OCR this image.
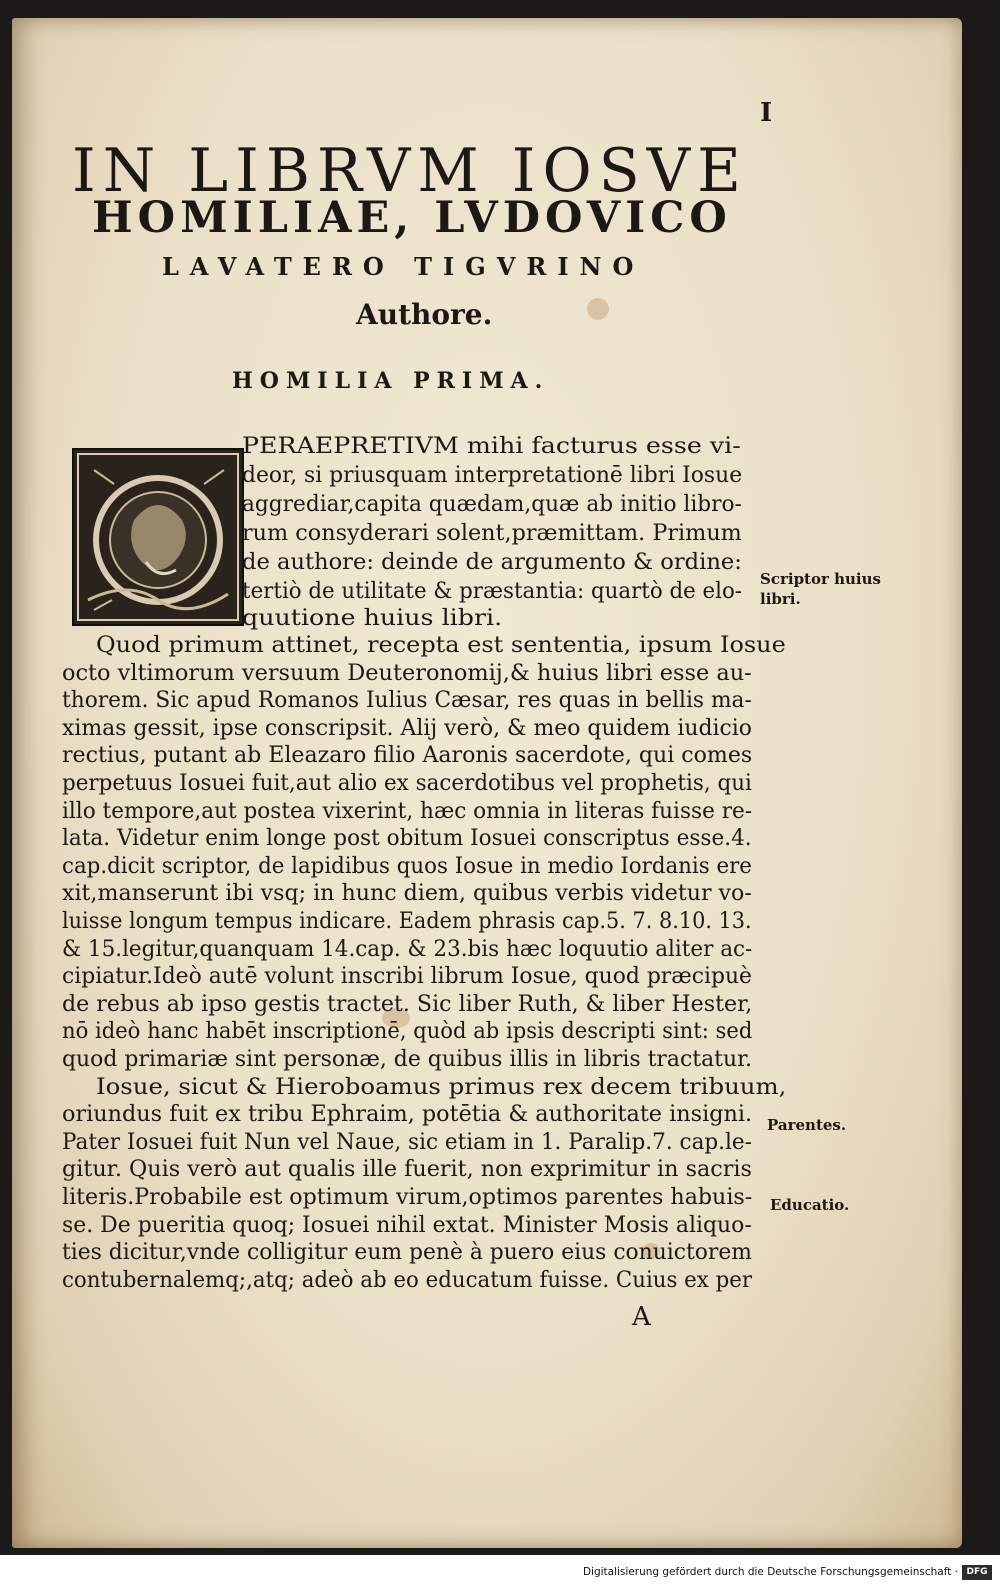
I
IN LIBRVM IOSVE
HOMILIAE, LVDOVICO
LAVATERO TIGVRINO
Authore.
HOMILIA PRIMA.
PERAEPRETIVM mihi facturus esse vi-
deor, si priusquam interpretationē libri Iosue
aggrediar,capita quædam,quæ ab initio libro-
rum consyderari solent,præmittam. Primum
de authore: deinde de argumento & ordine:
tertiò de utilitate & præstantia: quartò de elo-
quutione huius libri.
Quod primum attinet, recepta est sententia, ipsum Iosue
octo vltimorum versuum Deuteronomij,& huius libri esse au-
thorem. Sic apud Romanos Iulius Cæsar, res quas in bellis ma-
ximas gessit, ipse conscripsit. Alij verò, & meo quidem iudicio
rectius, putant ab Eleazaro filio Aaronis sacerdote, qui comes
perpetuus Iosuei fuit,aut alio ex sacerdotibus vel prophetis, qui
illo tempore,aut postea vixerint, hæc omnia in literas fuisse re-
lata. Videtur enim longe post obitum Iosuei conscriptus esse.4.
cap.dicit scriptor, de lapidibus quos Iosue in medio Iordanis ere
xit,manserunt ibi vsq; in hunc diem, quibus verbis videtur vo-
luisse longum tempus indicare. Eadem phrasis cap.5. 7. 8.10. 13.
& 15.legitur,quanquam 14.cap. & 23.bis hæc loquutio aliter ac-
cipiatur.Ideò autē volunt inscribi librum Iosue, quod præcipuè
de rebus ab ipso gestis tractet. Sic liber Ruth, & liber Hester,
nō ideò hanc habēt inscriptionē, quòd ab ipsis descripti sint: sed
quod primariæ sint personæ, de quibus illis in libris tractatur.
Iosue, sicut & Hieroboamus primus rex decem tribuum,
oriundus fuit ex tribu Ephraim, potētia & authoritate insigni.
Pater Iosuei fuit Nun vel Naue, sic etiam in 1. Paralip.7. cap.le-
gitur. Quis verò aut qualis ille fuerit, non exprimitur in sacris
literis.Probabile est optimum virum,optimos parentes habuis-
se. De pueritia quoq; Iosuei nihil extat. Minister Mosis aliquo-
ties dicitur,vnde colligitur eum penè à puero eius conuictorem
contubernalemq;,atq; adeò ab eo educatum fuisse. Cuius ex per
Scriptor huius
libri.
Parentes.
Educatio.
A
Digitalisierung gefördert durch die Deutsche Forschungsgemeinschaft · DFG
